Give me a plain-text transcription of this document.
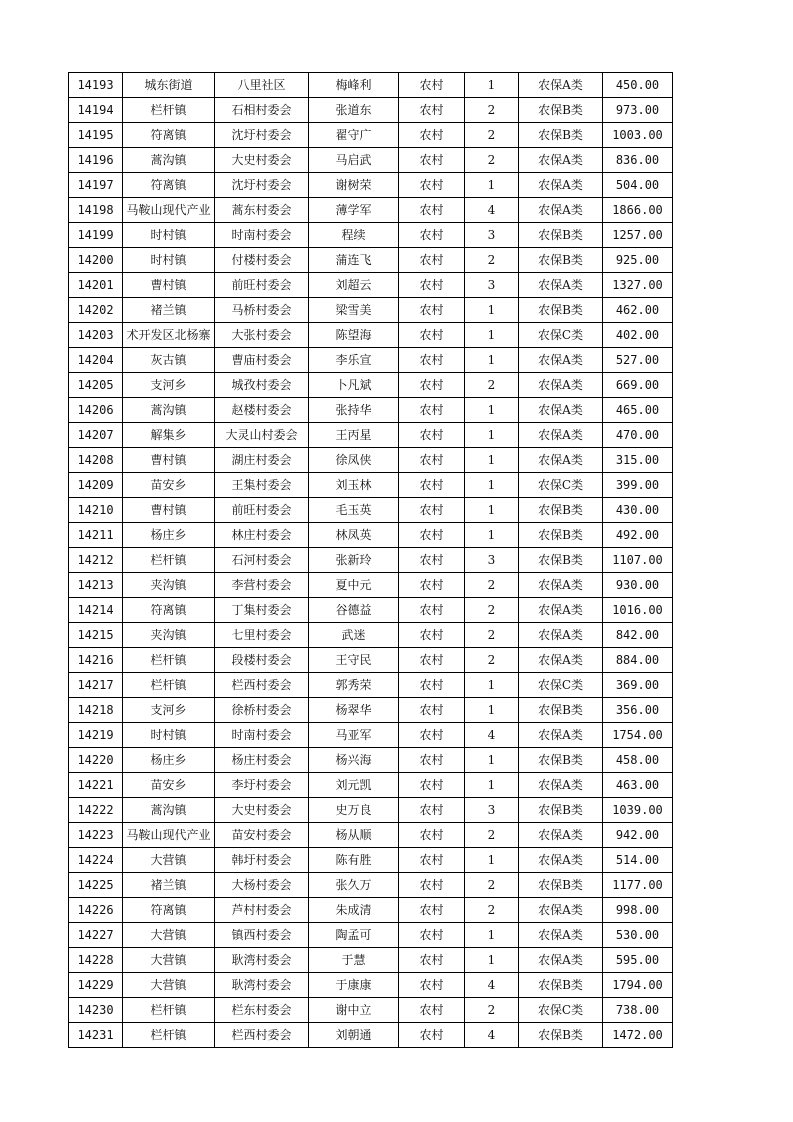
14193	城东街道	八里社区	梅峰利	农村	1	农保A类	450.00
14194	栏杆镇	石相村委会	张道东	农村	2	农保B类	973.00
14195	符离镇	沈圩村委会	翟守广	农村	2	农保B类	1003.00
14196	蒿沟镇	大史村委会	马启武	农村	2	农保A类	836.00
14197	符离镇	沈圩村委会	谢树荣	农村	1	农保A类	504.00
14198	马鞍山现代产业	蒿东村委会	薄学军	农村	4	农保A类	1866.00
14199	时村镇	时南村委会	程续	农村	3	农保B类	1257.00
14200	时村镇	付楼村委会	蒲连飞	农村	2	农保B类	925.00
14201	曹村镇	前旺村委会	刘超云	农村	3	农保A类	1327.00
14202	褚兰镇	马桥村委会	梁雪美	农村	1	农保B类	462.00
14203	术开发区北杨寨	大张村委会	陈望海	农村	1	农保C类	402.00
14204	灰古镇	曹庙村委会	李乐宣	农村	1	农保A类	527.00
14205	支河乡	城孜村委会	卜凡斌	农村	2	农保A类	669.00
14206	蒿沟镇	赵楼村委会	张持华	农村	1	农保A类	465.00
14207	解集乡	大灵山村委会	王丙星	农村	1	农保A类	470.00
14208	曹村镇	湖庄村委会	徐凤侠	农村	1	农保A类	315.00
14209	苗安乡	王集村委会	刘玉林	农村	1	农保C类	399.00
14210	曹村镇	前旺村委会	毛玉英	农村	1	农保B类	430.00
14211	杨庄乡	林庄村委会	林凤英	农村	1	农保B类	492.00
14212	栏杆镇	石河村委会	张新玲	农村	3	农保B类	1107.00
14213	夹沟镇	李营村委会	夏中元	农村	2	农保A类	930.00
14214	符离镇	丁集村委会	谷德益	农村	2	农保A类	1016.00
14215	夹沟镇	七里村委会	武迷	农村	2	农保A类	842.00
14216	栏杆镇	段楼村委会	王守民	农村	2	农保A类	884.00
14217	栏杆镇	栏西村委会	郭秀荣	农村	1	农保C类	369.00
14218	支河乡	徐桥村委会	杨翠华	农村	1	农保B类	356.00
14219	时村镇	时南村委会	马亚军	农村	4	农保A类	1754.00
14220	杨庄乡	杨庄村委会	杨兴海	农村	1	农保B类	458.00
14221	苗安乡	李圩村委会	刘元凯	农村	1	农保A类	463.00
14222	蒿沟镇	大史村委会	史万良	农村	3	农保B类	1039.00
14223	马鞍山现代产业	苗安村委会	杨从顺	农村	2	农保A类	942.00
14224	大营镇	韩圩村委会	陈有胜	农村	1	农保A类	514.00
14225	褚兰镇	大杨村委会	张久万	农村	2	农保B类	1177.00
14226	符离镇	芦村村委会	朱成清	农村	2	农保A类	998.00
14227	大营镇	镇西村委会	陶孟可	农村	1	农保A类	530.00
14228	大营镇	耿湾村委会	于慧	农村	1	农保A类	595.00
14229	大营镇	耿湾村委会	于康康	农村	4	农保B类	1794.00
14230	栏杆镇	栏东村委会	谢中立	农村	2	农保C类	738.00
14231	栏杆镇	栏西村委会	刘朝通	农村	4	农保B类	1472.00
